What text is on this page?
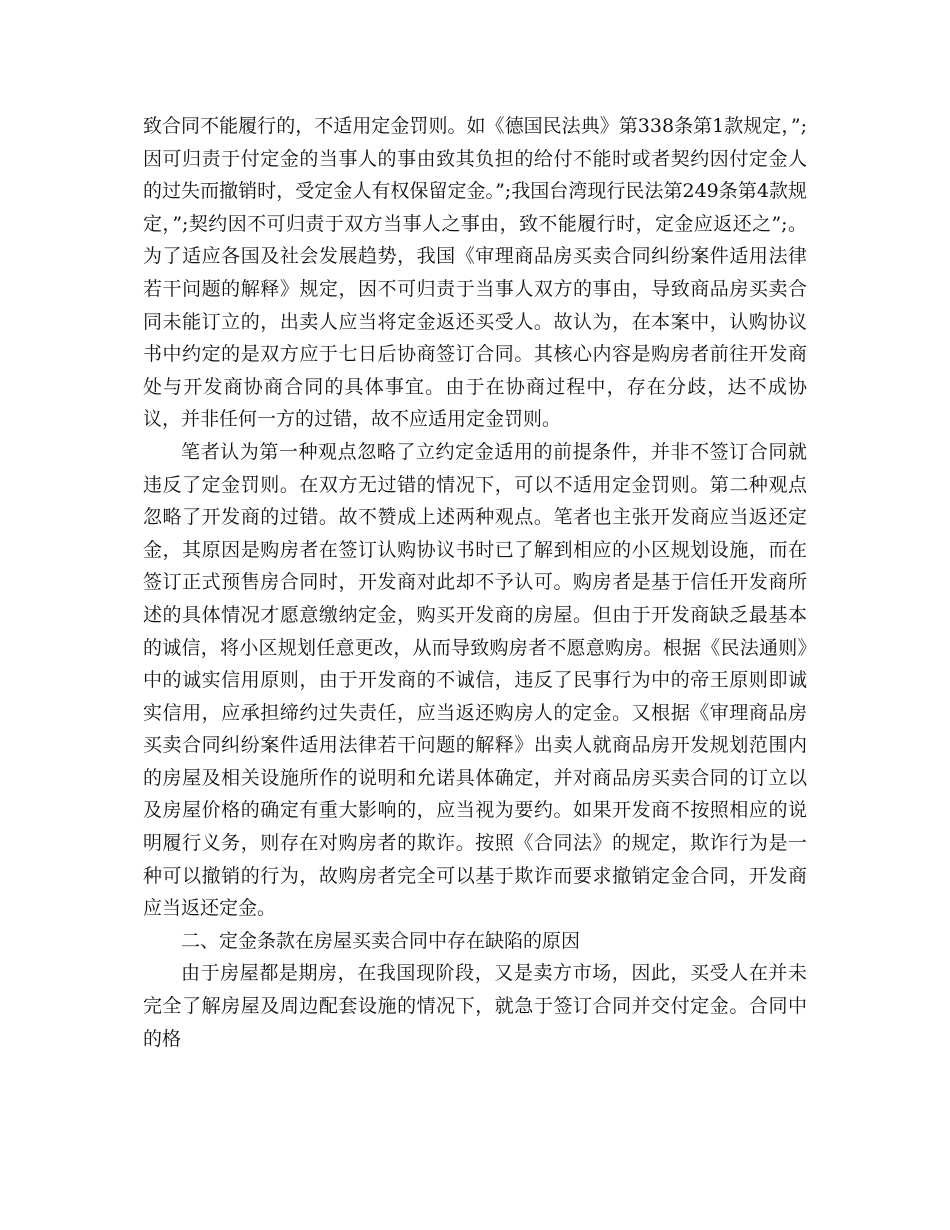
致合同不能履行的，不适用定金罚则。如《德国民法典》第338条第1款规定，”;因可归责于付定金的当事人的事由致其负担的给付不能时或者契约因付定金人的过失而撤销时，受定金人有权保留定金。”;我国台湾现行民法第249条第4款规定，”;契约因不可归责于双方当事人之事由，致不能履行时，定金应返还之”;。为了适应各国及社会发展趋势，我国《审理商品房买卖合同纠纷案件适用法律若干问题的解释》规定，因不可归责于当事人双方的事由，导致商品房买卖合同未能订立的，出卖人应当将定金返还买受人。故认为，在本案中，认购协议书中约定的是双方应于七日后协商签订合同。其核心内容是购房者前往开发商处与开发商协商合同的具体事宜。由于在协商过程中，存在分歧，达不成协议，并非任何一方的过错，故不应适用定金罚则。

笔者认为第一种观点忽略了立约定金适用的前提条件，并非不签订合同就违反了定金罚则。在双方无过错的情况下，可以不适用定金罚则。第二种观点忽略了开发商的过错。故不赞成上述两种观点。笔者也主张开发商应当返还定金，其原因是购房者在签订认购协议书时已了解到相应的小区规划设施，而在签订正式预售房合同时，开发商对此却不予认可。购房者是基于信任开发商所述的具体情况才愿意缴纳定金，购买开发商的房屋。但由于开发商缺乏最基本的诚信，将小区规划任意更改，从而导致购房者不愿意购房。根据《民法通则》中的诚实信用原则，由于开发商的不诚信，违反了民事行为中的帝王原则即诚实信用，应承担缔约过失责任，应当返还购房人的定金。又根据《审理商品房买卖合同纠纷案件适用法律若干问题的解释》出卖人就商品房开发规划范围内的房屋及相关设施所作的说明和允诺具体确定，并对商品房买卖合同的订立以及房屋价格的确定有重大影响的，应当视为要约。如果开发商不按照相应的说明履行义务，则存在对购房者的欺诈。按照《合同法》的规定，欺诈行为是一种可以撤销的行为，故购房者完全可以基于欺诈而要求撤销定金合同，开发商应当返还定金。

二、定金条款在房屋买卖合同中存在缺陷的原因

由于房屋都是期房，在我国现阶段，又是卖方市场，因此，买受人在并未完全了解房屋及周边配套设施的情况下，就急于签订合同并交付定金。合同中的格
